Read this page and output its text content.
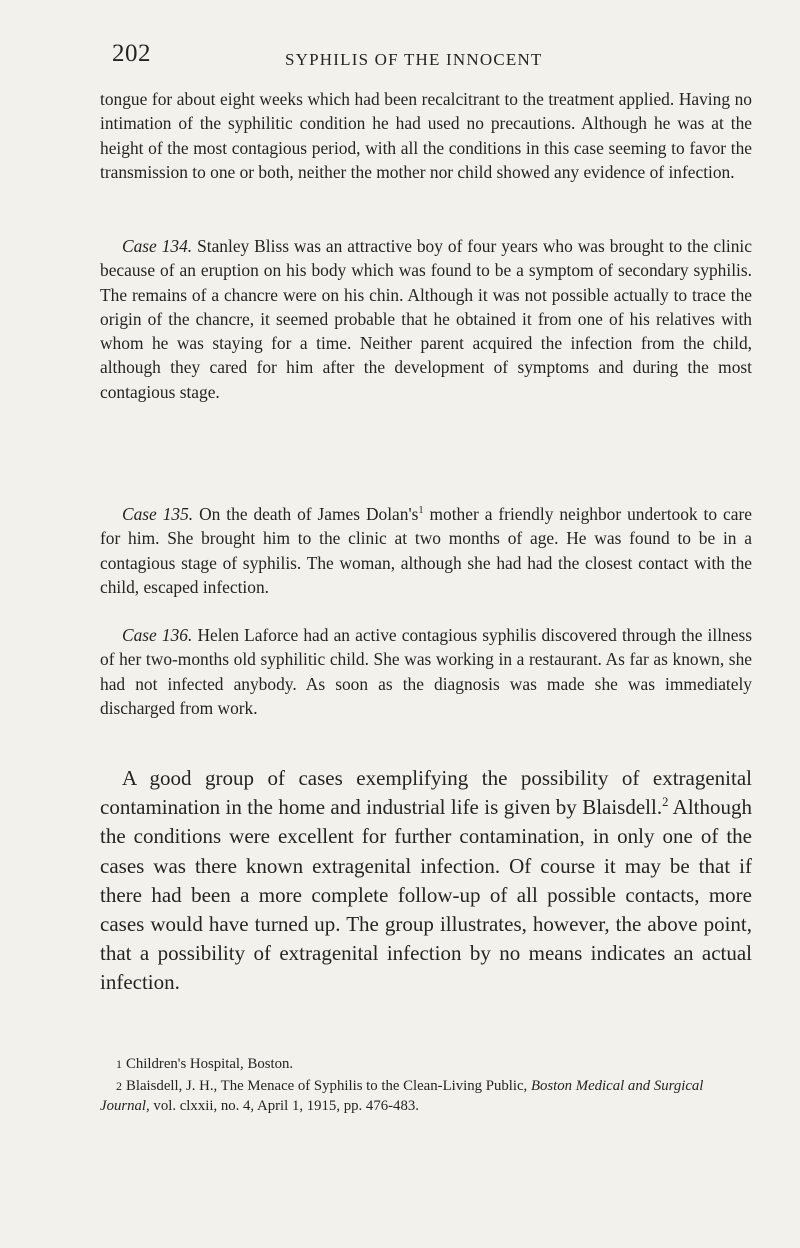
202	SYPHILIS OF THE INNOCENT

tongue for about eight weeks which had been recalcitrant to the treatment applied. Having no intimation of the syphilitic condition he had used no precautions. Although he was at the height of the most contagious period, with all the conditions in this case seeming to favor the transmission to one or both, neither the mother nor child showed any evidence of infection.

Case 134. Stanley Bliss was an attractive boy of four years who was brought to the clinic because of an eruption on his body which was found to be a symptom of secondary syphilis. The remains of a chancre were on his chin. Although it was not possible actually to trace the origin of the chancre, it seemed probable that he obtained it from one of his relatives with whom he was staying for a time. Neither parent acquired the infection from the child, although they cared for him after the development of symptoms and during the most contagious stage.

Case 135. On the death of James $Dolan's^1$ mother a friendly neighbor undertook to care for him. She brought him to the clinic at two months of age. He was found to be in a contagious stage of syphilis. The woman, although she had had the closest contact with the child, escaped infection.

Case 136. Helen Laforce had an active contagious syphilis discovered through the illness of her two-months old syphilitic child. She was working in a restaurant. As far as known, she had not infected anybody. As soon as the diagnosis was made she was immediately discharged from work.

A good group of cases exemplifying the possibility of extragenital contamination in the home and industrial life is given by Blaisdell.$^2$ Although the conditions were excellent for further contamination, in only one of the cases was there known extragenital infection. Of course it may be that if there had been a more complete follow-up of all possible contacts, more cases would have turned up. The group illustrates, however, the above point, that a possibility of extragenital infection by no means indicates an actual infection.

1 Children's Hospital, Boston.

2 Blaisdell, J. H., The Menace of Syphilis to the Clean-Living Public, Boston Medical and Surgical Journal, vol. clxxii, no. 4, April 1, 1915, pp. 476-483.
